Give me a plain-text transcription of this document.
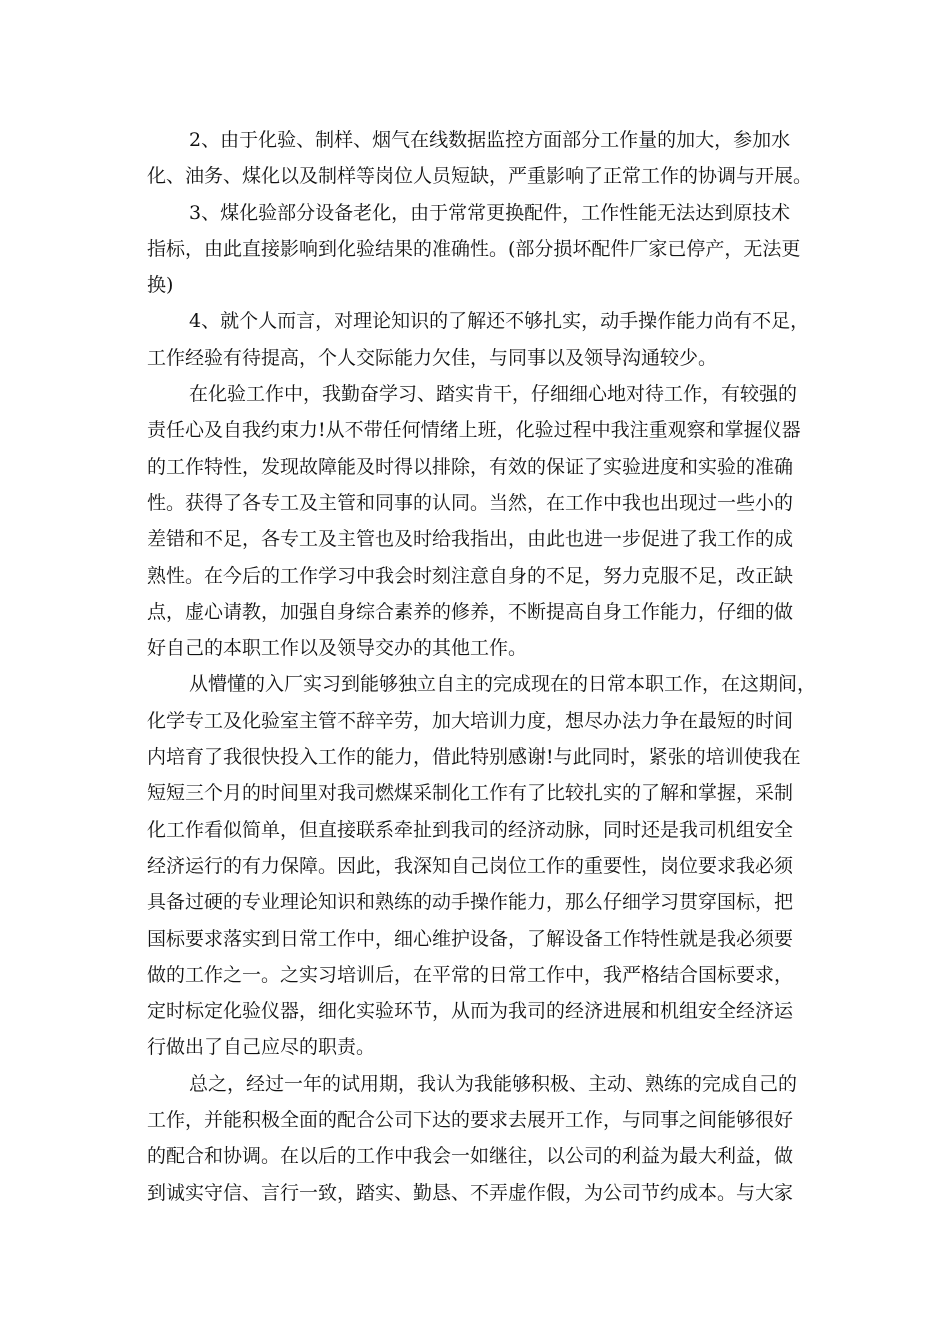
2、由于化验、制样、烟气在线数据监控方面部分工作量的加大，参加水
化、油务、煤化以及制样等岗位人员短缺，严重影响了正常工作的协调与开展。
3、煤化验部分设备老化，由于常常更换配件，工作性能无法达到原技术
指标，由此直接影响到化验结果的准确性。(部分损坏配件厂家已停产，无法更
换)
4、就个人而言，对理论知识的了解还不够扎实，动手操作能力尚有不足，
工作经验有待提高，个人交际能力欠佳，与同事以及领导沟通较少。
在化验工作中，我勤奋学习、踏实肯干，仔细细心地对待工作，有较强的
责任心及自我约束力!从不带任何情绪上班，化验过程中我注重观察和掌握仪器
的工作特性，发现故障能及时得以排除，有效的保证了实验进度和实验的准确
性。获得了各专工及主管和同事的认同。当然，在工作中我也出现过一些小的
差错和不足，各专工及主管也及时给我指出，由此也进一步促进了我工作的成
熟性。在今后的工作学习中我会时刻注意自身的不足，努力克服不足，改正缺
点，虚心请教，加强自身综合素养的修养，不断提高自身工作能力，仔细的做
好自己的本职工作以及领导交办的其他工作。
从懵懂的入厂实习到能够独立自主的完成现在的日常本职工作，在这期间，
化学专工及化验室主管不辞辛劳，加大培训力度，想尽办法力争在最短的时间
内培育了我很快投入工作的能力，借此特别感谢!与此同时，紧张的培训使我在
短短三个月的时间里对我司燃煤采制化工作有了比较扎实的了解和掌握，采制
化工作看似简单，但直接联系牵扯到我司的经济动脉，同时还是我司机组安全
经济运行的有力保障。因此，我深知自己岗位工作的重要性，岗位要求我必须
具备过硬的专业理论知识和熟练的动手操作能力，那么仔细学习贯穿国标，把
国标要求落实到日常工作中，细心维护设备，了解设备工作特性就是我必须要
做的工作之一。之实习培训后，在平常的日常工作中，我严格结合国标要求，
定时标定化验仪器，细化实验环节，从而为我司的经济进展和机组安全经济运
行做出了自己应尽的职责。
总之，经过一年的试用期，我认为我能够积极、主动、熟练的完成自己的
工作，并能积极全面的配合公司下达的要求去展开工作，与同事之间能够很好
的配合和协调。在以后的工作中我会一如继往，以公司的利益为最大利益，做
到诚实守信、言行一致，踏实、勤恳、不弄虚作假，为公司节约成本。与大家
